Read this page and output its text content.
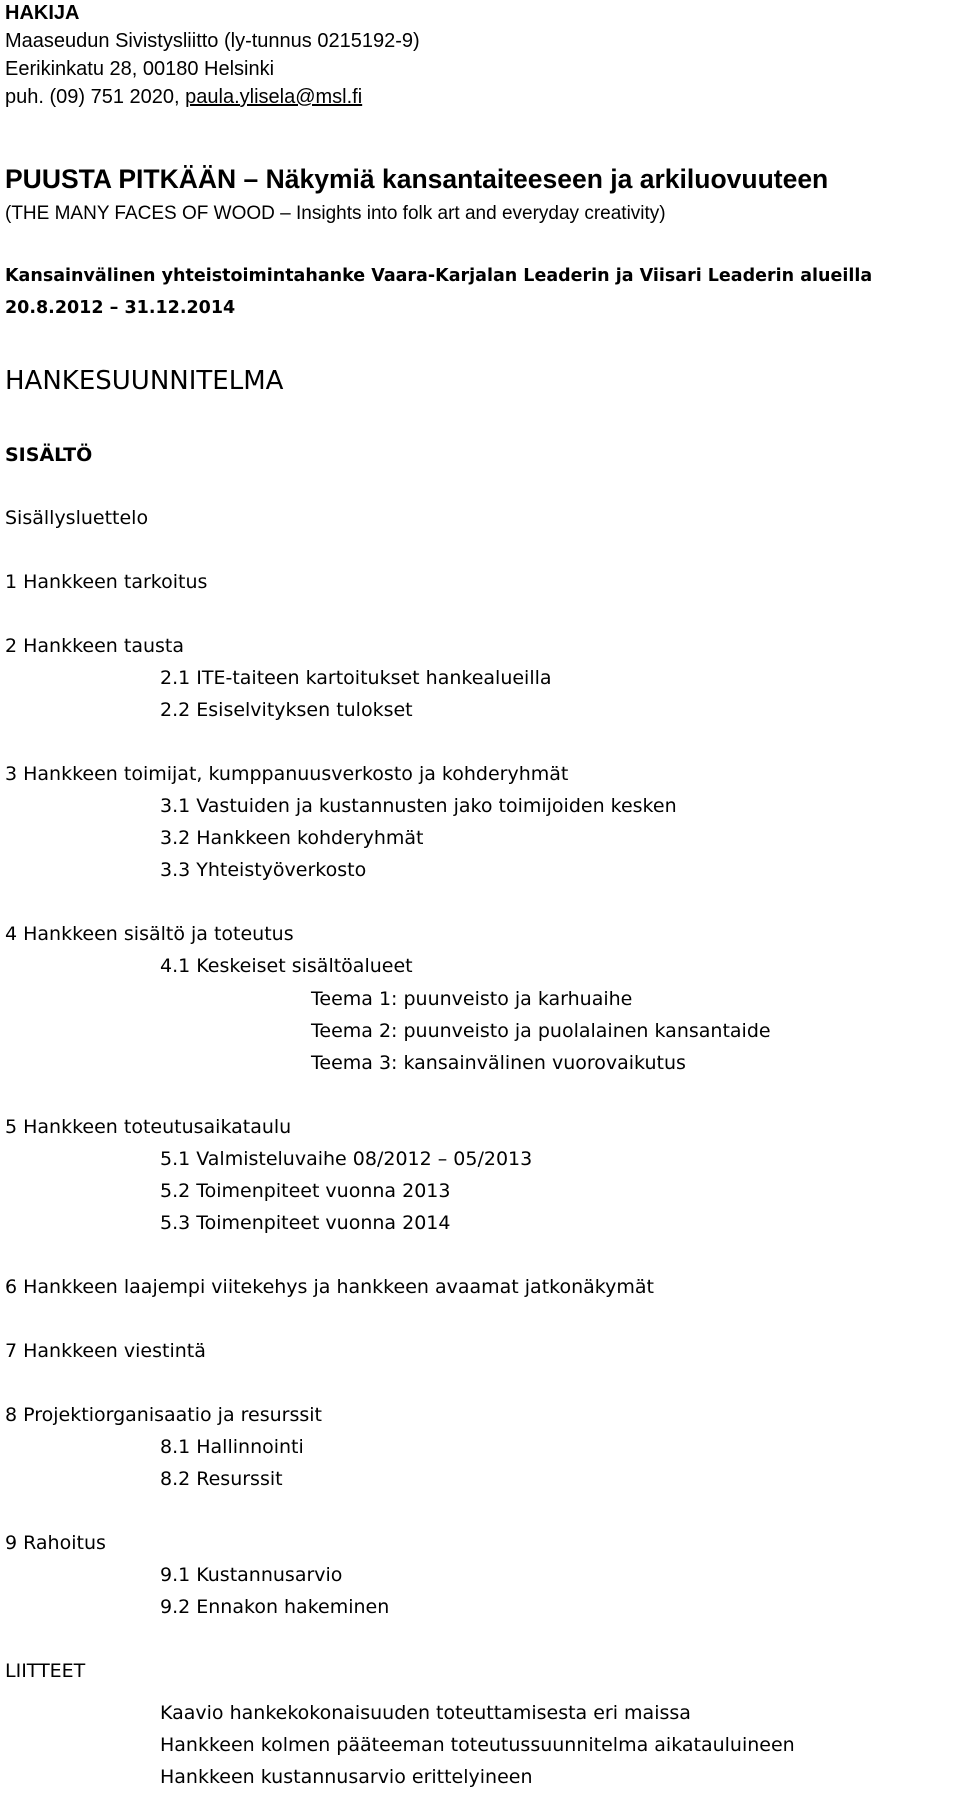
HAKIJA
Maaseudun Sivistysliitto (ly-tunnus 0215192-9)
Eerikinkatu 28, 00180 Helsinki
puh. (09) 751 2020, paula.ylisela@msl.fi
PUUSTA PITKÄÄN – Näkymiä kansantaiteeseen ja arkiluovuuteen
(THE MANY FACES OF WOOD – Insights into folk art and everyday creativity)
Kansainvälinen yhteistoimintahanke Vaara-Karjalan Leaderin ja Viisari Leaderin alueilla
20.8.2012 – 31.12.2014
HANKESUUNNITELMA
SISÄLTÖ
Sisällysluettelo
1 Hankkeen tarkoitus
2 Hankkeen tausta
2.1 ITE-taiteen kartoitukset hankealueilla
2.2 Esiselvityksen tulokset
3 Hankkeen toimijat, kumppanuusverkosto ja kohderyhmät
3.1 Vastuiden ja kustannusten jako toimijoiden kesken
3.2 Hankkeen kohderyhmät
3.3 Yhteistyöverkosto
4 Hankkeen sisältö ja toteutus
4.1 Keskeiset sisältöalueet
Teema 1: puunveisto ja karhuaihe
Teema 2: puunveisto ja puolalainen kansantaide
Teema 3: kansainvälinen vuorovaikutus
5 Hankkeen toteutusaikataulu
5.1 Valmisteluvaihe 08/2012 – 05/2013
5.2 Toimenpiteet vuonna 2013
5.3 Toimenpiteet vuonna 2014
6 Hankkeen laajempi viitekehys ja hankkeen avaamat jatkonäkymät
7 Hankkeen viestintä
8 Projektiorganisaatio ja resurssit
8.1 Hallinnointi
8.2 Resurssit
9 Rahoitus
9.1 Kustannusarvio
9.2 Ennakon hakeminen
LIITTEET
Kaavio hankekokonaisuuden toteuttamisesta eri maissa
Hankkeen kolmen pääteeman toteutussuunnitelma aikatauluineen
Hankkeen kustannusarvio erittelyineen
